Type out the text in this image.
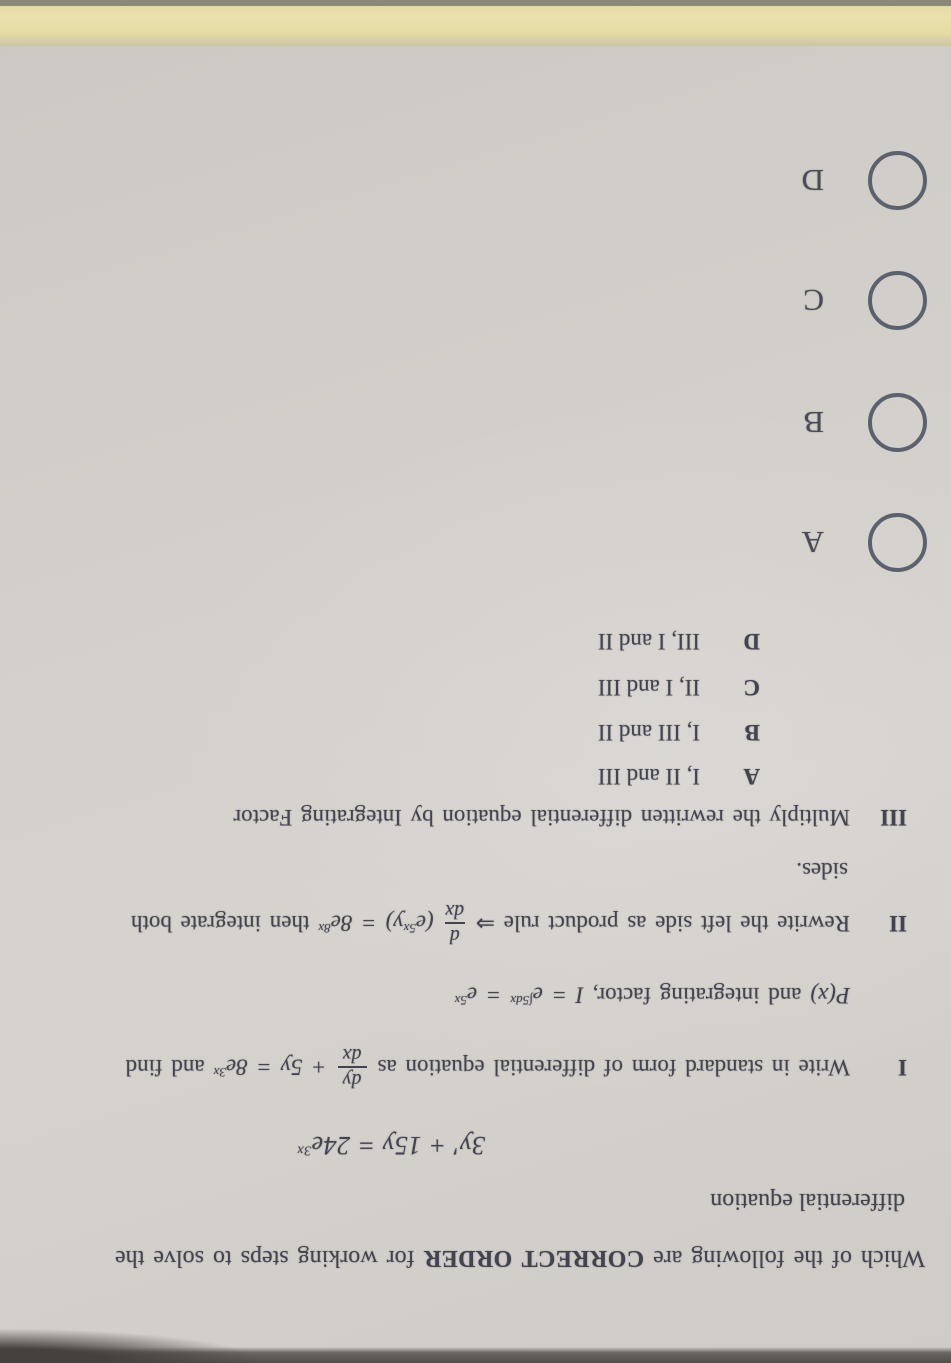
Which of the following are CORRECT ORDER for working steps to solve the
differential equation
$3y' + 15y = 24e^{3x}$
I
Write in standard form of differential equation as
dy
dx
+ $5y = 8e^{3x}$
and find
P(x)
and integrating factor,
$I = e^{\int 5dx}$
= $e^{5x}$
II
Rewrite the left side as product rule ⇒
d
dx
$(e^{5x}y)$
= $8e^{8x}$
then integrate both
sides.
III
Multiply the rewritten differential equation by Integrating Factor
A
I, II and III
B
I, III and II
C
II, I and III
D
III, I and II
A
B
C
D
